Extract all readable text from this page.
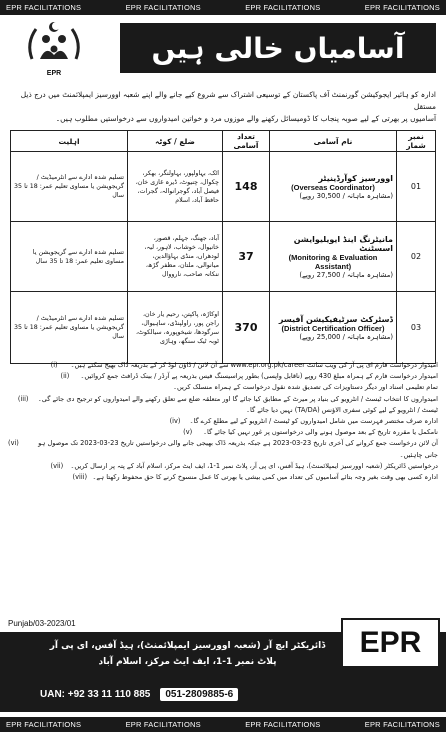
EPR FACILITATIONS	EPR FACILITATIONS	EPR FACILITATIONS	EPR FACILITATIONS
EPR
آسامیاں خالی ہیں

ادارہ کو ہائیر ایجوکیشن گورنمنٹ آف پاکستان کے توسیعی اشتراک سے شروع کیے جانے والے اپنے شعبہ اوورسیز ایمپلائمنٹ میں درج ذیل مستقل

آسامیوں پر بھرتی کے لیے صوبہ پنجاب کا ڈومیسائل رکھنے والے موزوں مرد و خواتین امیدواروں سے درخواستیں مطلوب ہیں۔

اہلیت	ضلع / کوٹہ	تعداد آسامی	نام آسامی	نمبر شمار
تسلیم شدہ ادارے سے انٹرمیڈیٹ / گریجویشن یا مساوی تعلیم عمر: 18 تا 35 سال	اٹک، بہاولپور، بہاولنگر، بھکر، چکوال، چنیوٹ، ڈیرہ غازی خان، فیصل آباد، گوجرانوالہ، گجرات، حافظ آباد، اسلام	148	اوورسیز کوآرڈینیٹر
(Overseas Coordinator)
(مشاہرہ ماہانہ / 30,500 روپے)	01
تسلیم شدہ ادارے سے گریجویشن یا مساوی تعلیم عمر: 18 تا 35 سال	آباد، جھنگ، جہلم، قصور، خانیوال، خوشاب، لاہور، لیہ، لودھراں، منڈی بہاؤالدین، میانوالی، ملتان، مظفر گڑھ، ننکانہ صاحب، نارووال	37	مانیٹرنگ اینڈ ایویلیوایشن اسسٹنٹ
(Monitoring & Evaluation Assistant)
(مشاہرہ ماہانہ / 27,500 روپے)	02
تسلیم شدہ ادارے سے انٹرمیڈیٹ / گریجویشن یا مساوی تعلیم عمر: 18 تا 35 سال	اوکاڑہ، پاکپتن، رحیم یار خان، راجن پور، راولپنڈی، ساہیوال، سرگودھا، شیخوپورہ، سیالکوٹ، ٹوبہ ٹیک سنگھ، وہاڑی	370	ڈسٹرکٹ سرٹیفیکیشن آفیسر
(District Certification Officer)
(مشاہرہ ماہانہ / 25,000 روپے)	03
امیدوار درخواست فارم ای پی آر کی ویب سائٹ www.epr.org.pk/career سے آن لائن / ڈاؤن لوڈ کر کے بذریعہ ڈاک بھیج سکتے ہیں۔
(i)
امیدوار درخواست فارم کے ہمراہ مبلغ 430 روپے (ناقابل واپسی) بطور پراسیسنگ فیس بذریعہ پے آرڈر / بینک ڈرافٹ جمع کروائیں۔
(ii)
تمام تعلیمی اسناد اور دیگر دستاویزات کی تصدیق شدہ نقول درخواست کے ہمراہ منسلک کریں۔
امیدواروں کا انتخاب ٹیسٹ / انٹرویو کی بنیاد پر میرٹ کے مطابق کیا جائے گا اور متعلقہ ضلع سے تعلق رکھنے والے امیدواروں کو ترجیح دی جائے گی۔
(iii)
ٹیسٹ / انٹرویو کے لیے کوئی سفری الاؤنس (TA/DA) نہیں دیا جائے گا۔
ادارہ صرف مختصر فہرست میں شامل امیدواروں کو ٹیسٹ / انٹرویو کے لیے مطلع کرے گا۔
(iv)
نامکمل یا مقررہ تاریخ کے بعد موصول ہونے والی درخواستوں پر غور نہیں کیا جائے گا۔
(v)
آن لائن درخواست جمع کروانے کی آخری تاریخ 23-03-2023 ہے جبکہ بذریعہ ڈاک بھیجی جانے والی درخواستیں تاریخ 23-03-2023 تک موصول ہو جانی چاہئیں۔
(vi)
درخواستیں ڈائریکٹر (شعبہ اوورسیز ایمپلائمنٹ)، ہیڈ آفس، ای پی آر، پلاٹ نمبر 1-1، ایف ایٹ مرکز، اسلام آباد کے پتہ پر ارسال کریں۔
(vii)
ادارہ کسی بھی وقت بغیر وجہ بتائے آسامیوں کی تعداد میں کمی بیشی یا بھرتی کا عمل منسوخ کرنے کا حق محفوظ رکھتا ہے۔
(viii)
Punjab/03-2023/01
ڈائریکٹر ایچ آر (شعبہ اوورسیز ایمپلائمنٹ)، ہیڈ آفس، ای پی آر
پلاٹ نمبر 1-1، ایف ایٹ مرکز، اسلام آباد
EPR
UAN: +92 33 11 110 885	051-2809885-6
EPR FACILITATIONS	EPR FACILITATIONS	EPR FACILITATIONS	EPR FACILITATIONS
